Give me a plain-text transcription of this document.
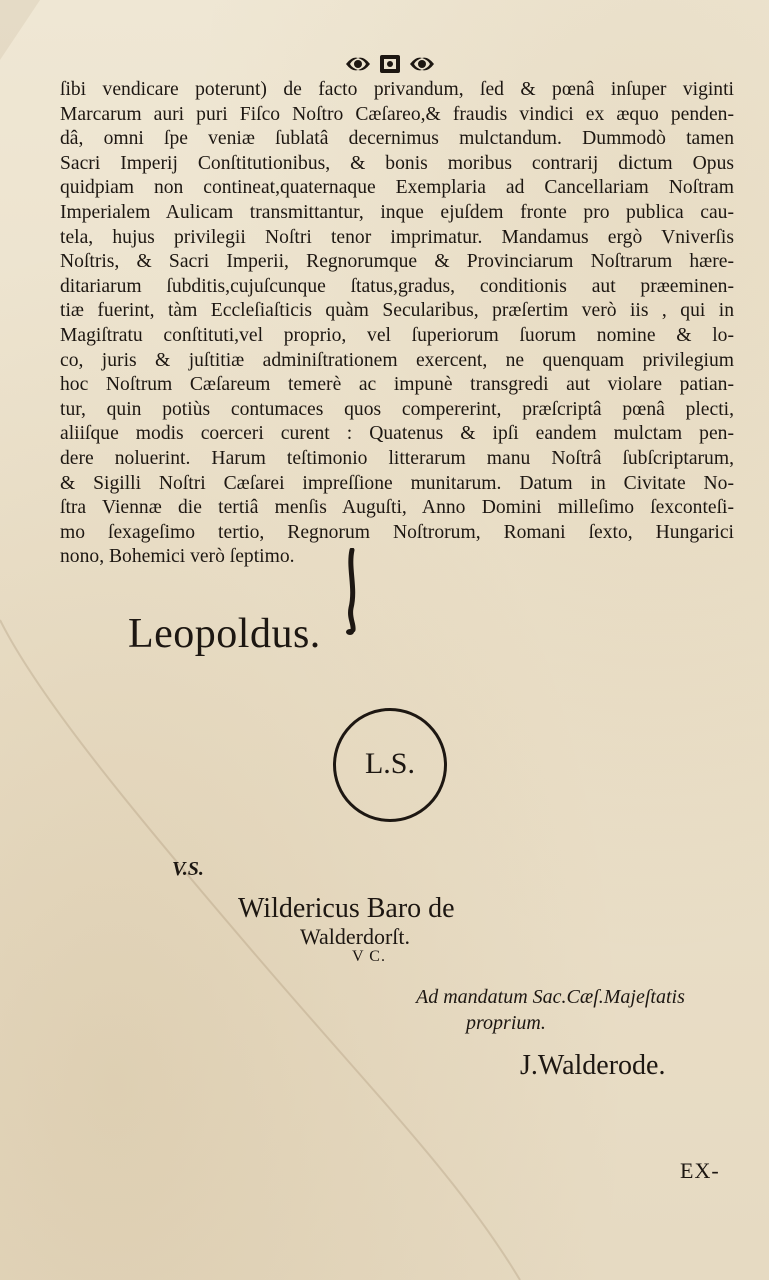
ſibi vendicare poterunt) de facto privandum, ſed & pœnâ inſuper viginti
Marcarum auri puri Fiſco Noſtro Cæſareo,& fraudis vindici ex æquo penden-
dâ, omni ſpe veniæ ſublatâ decernimus mulctandum. Dummodò tamen
Sacri Imperij Conſtitutionibus, & bonis moribus contrarij dictum Opus
quidpiam non contineat,quaternaque Exemplaria ad Cancellariam Noſtram
Imperialem Aulicam transmittantur, inque ejuſdem fronte pro publica cau-
tela, hujus privilegii Noſtri tenor imprimatur. Mandamus ergò Vniverſis
Noſtris, & Sacri Imperii, Regnorumque & Provinciarum Noſtrarum hære-
ditariarum ſubditis,cujuſcunque ſtatus,gradus, conditionis aut præeminen-
tiæ fuerint, tàm Eccleſiaſticis quàm Secularibus, præſertim verò iis , qui in
Magiſtratu conſtituti,vel proprio, vel ſuperiorum ſuorum nomine & lo-
co, juris & juſtitiæ adminiſtrationem exercent, ne quenquam privilegium
hoc Noſtrum Cæſareum temerè ac impunè transgredi aut violare patian-
tur, quin potiùs contumaces quos compererint, præſcriptâ pœnâ plecti,
aliiſque modis coerceri curent : Quatenus & ipſi eandem mulctam pen-
dere noluerint. Harum teſtimonio litterarum manu Noſtrâ ſubſcriptarum,
& Sigilli Noſtri Cæſarei impreſſione munitarum. Datum in Civitate No-
ſtra Viennæ die tertiâ menſis Auguſti, Anno Domini milleſimo ſexconteſi-
mo ſexageſimo tertio, Regnorum Noſtrorum, Romani ſexto, Hungarici
nono, Bohemici verò ſeptimo.
Leopoldus.
L.S.
V.S.
Wildericus Baro de
Walderdorſt.
V C.
Ad mandatum Sac.Cæſ.Majeſtatis
proprium.
J.Walderode.
EX-
